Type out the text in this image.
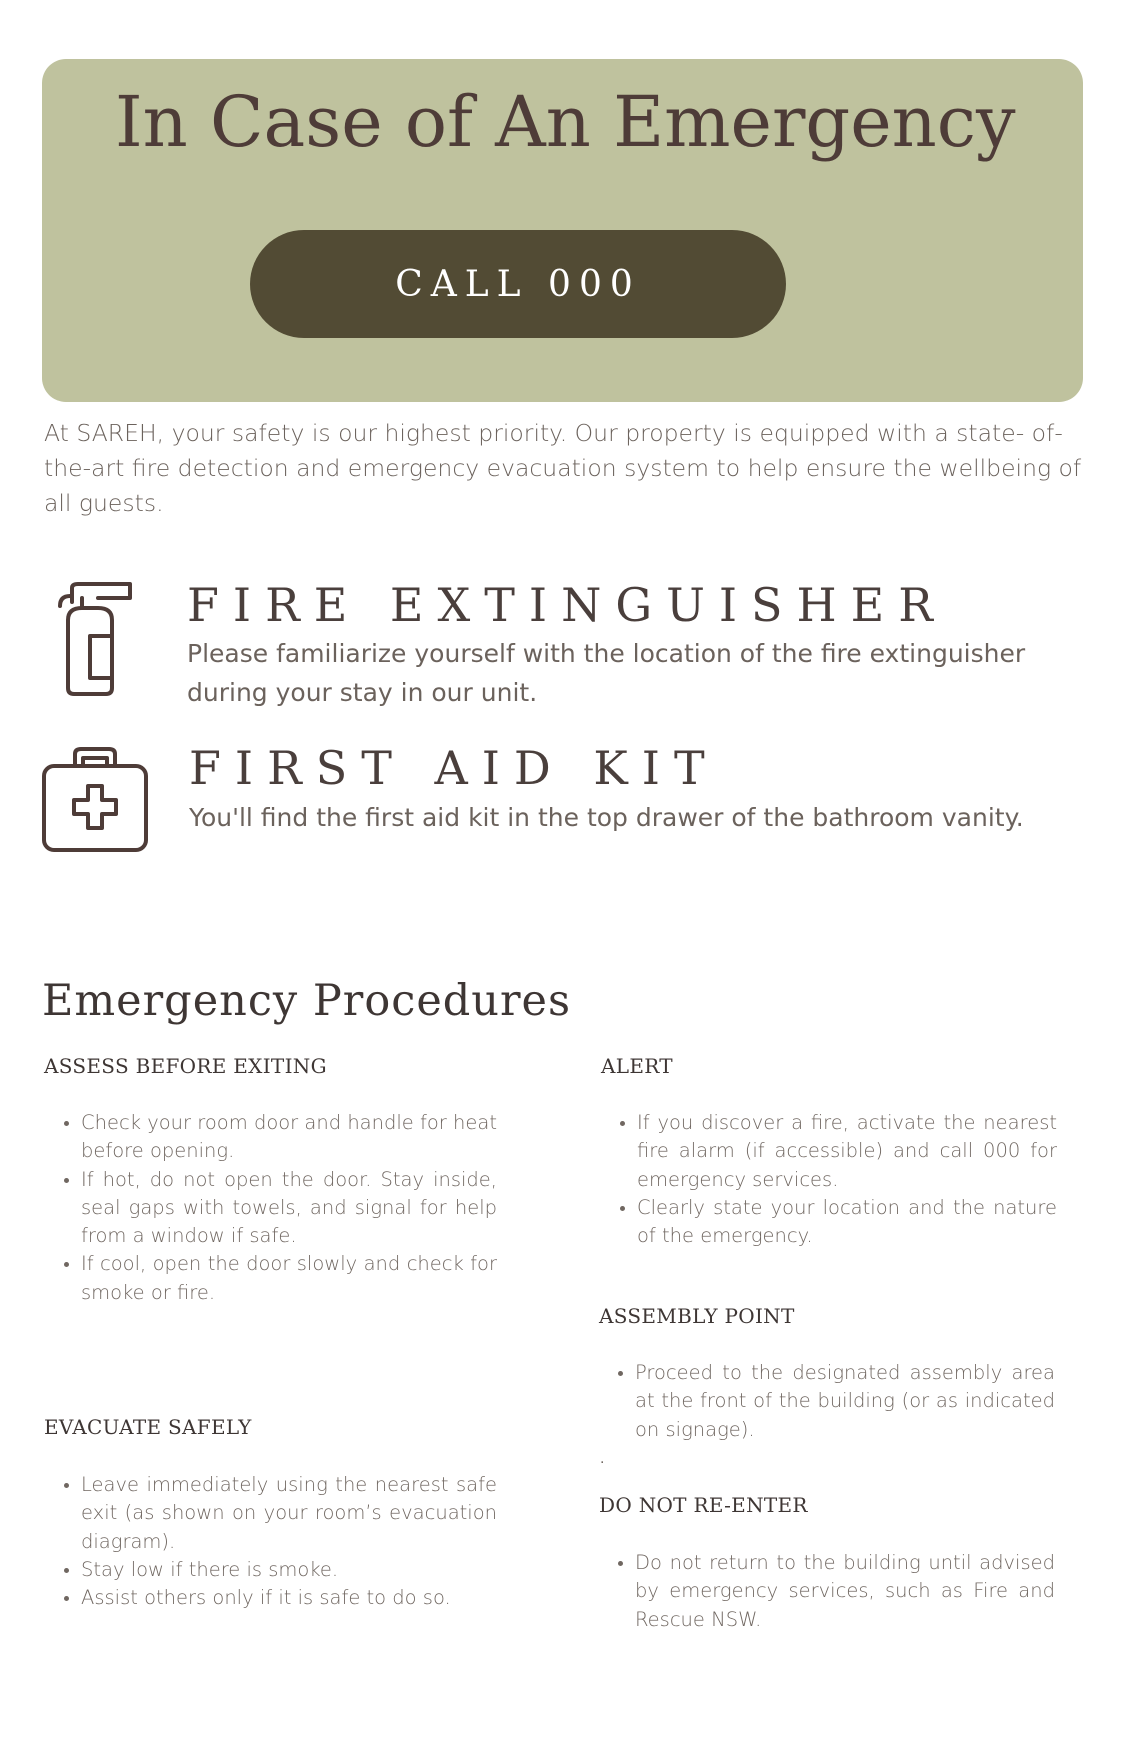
In Case of An Emergency
CALL 000

At SAREH, your safety is our highest priority. Our property is equipped with a state- of-the-art fire detection and emergency evacuation system to help ensure the wellbeing of all guests.

FIRE EXTINGUISHER

Please familiarize yourself with the location of the fire extinguisher during your stay in our unit.

FIRST AID KIT

You'll find the first aid kit in the top drawer of the bathroom vanity.

Emergency Procedures
ASSESS BEFORE EXITING
• Check your room door and handle for heat before opening.
• If hot, do not open the door. Stay inside, seal gaps with towels, and signal for help from a window if safe.
• If cool, open the door slowly and check for smoke or fire.
ALERT
• If you discover a fire, activate the nearest fire alarm (if accessible) and call 000 for emergency services.
• Clearly state your location and the nature of the emergency.
ASSEMBLY POINT
• Proceed to the designated assembly area at the front of the building (or as indicated on signage).
.
EVACUATE SAFELY
• Leave immediately using the nearest safe exit (as shown on your room’s evacuation diagram).
• Stay low if there is smoke.
• Assist others only if it is safe to do so.
DO NOT RE-ENTER
• Do not return to the building until advised by emergency services, such as Fire and Rescue NSW.
